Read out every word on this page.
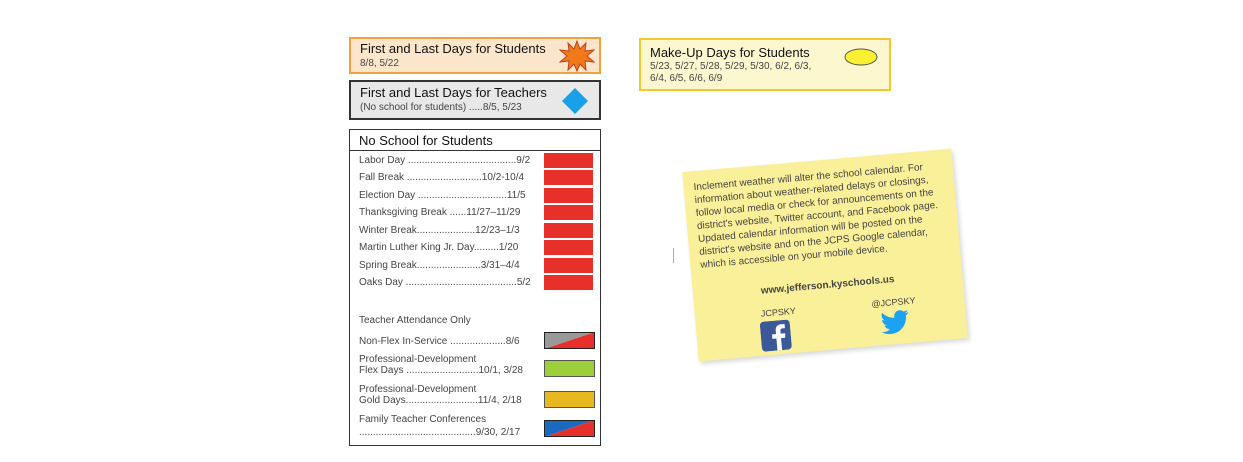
First and Last Days for Students
8/8, 5/22
First and Last Days for Teachers
(No school for students) .....8/5, 5/23
No School for Students
Labor Day .......................................9/2
Fall Break ...........................10/2-10/4
Election Day ................................11/5
Thanksgiving Break ......11/27–11/29
Winter Break.....................12/23–1/3
Martin Luther King Jr. Day.........1/20
Spring Break.......................3/31–4/4
Oaks Day ........................................5/2
Teacher Attendance Only
Non-Flex In-Service ....................8/6
Professional-Development
Flex Days ..........................10/1, 3/28
Professional-Development
Gold Days..........................11/4, 2/18
Family Teacher Conferences
..........................................9/30, 2/17
Make-Up Days for Students
5/23, 5/27, 5/28, 5/29, 5/30, 6/2, 6/3, 6/4, 6/5, 6/6, 6/9
Inclement weather will alter the school calendar. For information about weather-related delays or closings, follow local media or check for announcements on the district's website, Twitter account, and Facebook page. Updated calendar information will be posted on the district's website and on the JCPS Google calendar, which is accessible on your mobile device.
www.jefferson.kyschools.us
JCPSKY
@JCPSKY
